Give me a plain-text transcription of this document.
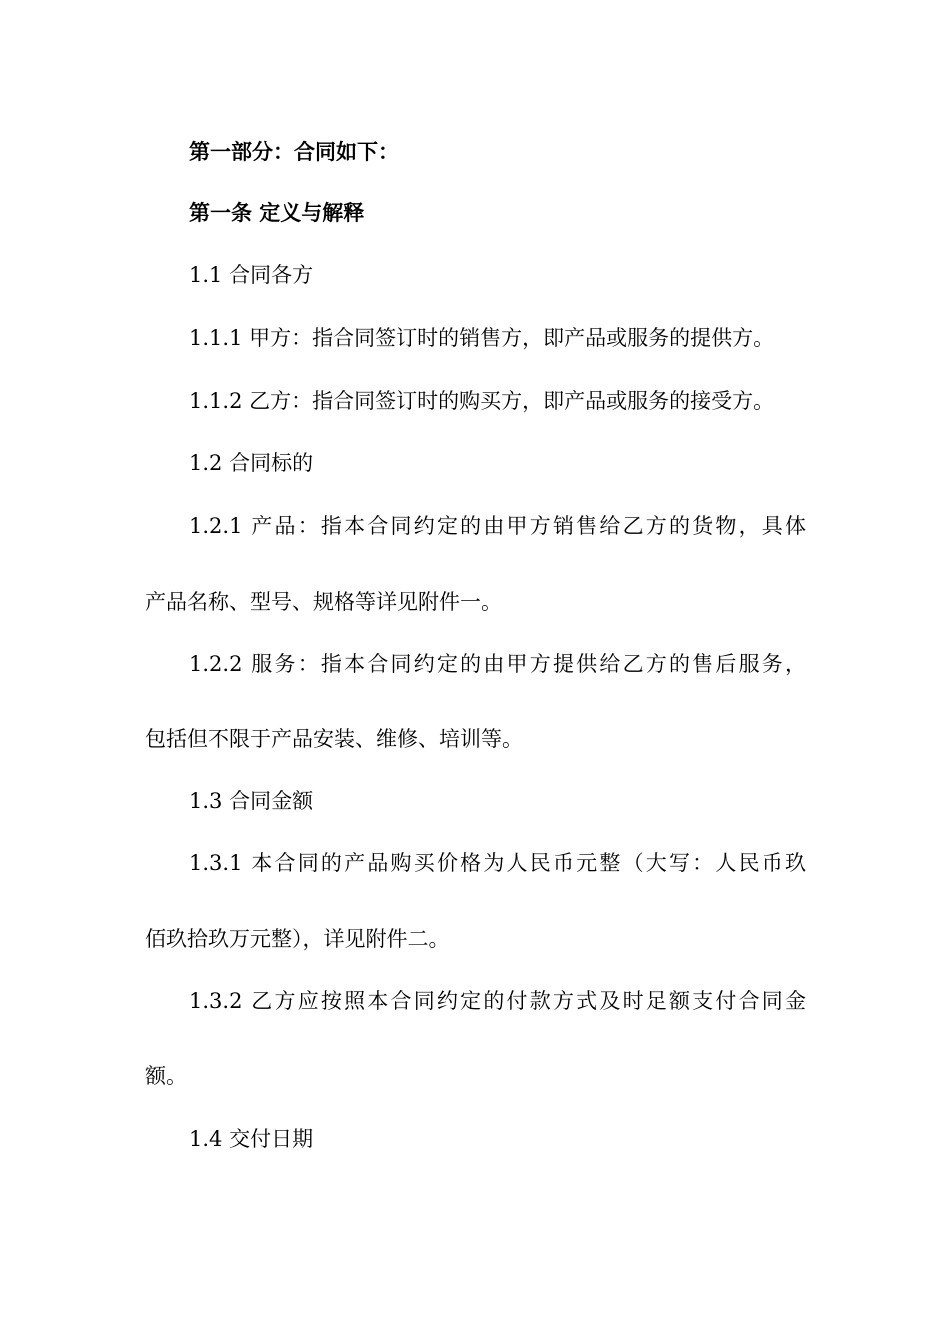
第一部分：合同如下：

第一条 定义与解释

1.1 合同各方

1.1.1 甲方：指合同签订时的销售方，即产品或服务的提供方。

1.1.2 乙方：指合同签订时的购买方，即产品或服务的接受方。

1.2 合同标的

1.2.1 产品：指本合同约定的由甲方销售给乙方的货物，具体

产品名称、型号、规格等详见附件一。

1.2.2 服务：指本合同约定的由甲方提供给乙方的售后服务，

包括但不限于产品安装、维修、培训等。

1.3 合同金额

1.3.1 本合同的产品购买价格为人民币元整（大写：人民币玖

佰玖拾玖万元整），详见附件二。

1.3.2 乙方应按照本合同约定的付款方式及时足额支付合同金

额。

1.4 交付日期
